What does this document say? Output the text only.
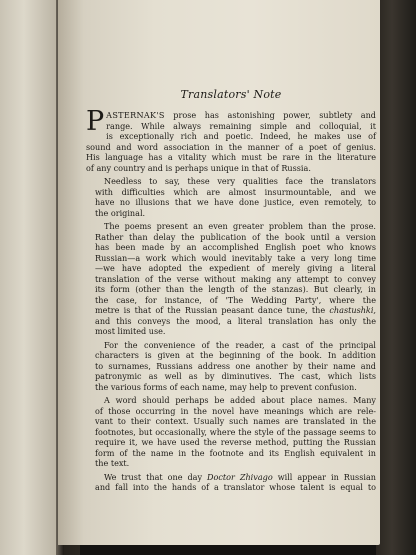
Translators' Note
P ASTERNAK'S prose has astonishing power, subtlety and
range. While always remaining simple and colloquial, it
is exceptionally rich and poetic. Indeed, he makes use of
sound and word association in the manner of a poet of genius.
His language has a vitality which must be rare in the literature
of any country and is perhaps unique in that of Russia.
Needless to say, these very qualities face the translators
with difficulties which are almost insurmountable, and we
have no illusions that we have done justice, even remotely, to
the original.
The poems present an even greater problem than the prose.
Rather than delay the publication of the book until a version
has been made by an accomplished English poet who knows
Russian—a work which would inevitably take a very long time
—we have adopted the expedient of merely giving a literal
translation of the verse without making any attempt to convey
its form (other than the length of the stanzas). But clearly, in
the case, for instance, of 'The Wedding Party', where the
metre is that of the Russian peasant dance tune, the chastushki,
and this conveys the mood, a literal translation has only the
most limited use.
For the convenience of the reader, a cast of the principal
characters is given at the beginning of the book. In addition
to surnames, Russians address one another by their name and
patronymic as well as by diminutives. The cast, which lists
the various forms of each name, may help to prevent confusion.
A word should perhaps be added about place names. Many
of those occurring in the novel have meanings which are rele-
vant to their context. Usually such names are translated in the
footnotes, but occasionally, where the style of the passage seems to
require it, we have used the reverse method, putting the Russian
form of the name in the footnote and its English equivalent in
the text.
We trust that one day Doctor Zhivago will appear in Russian
and fall into the hands of a translator whose talent is equal to
